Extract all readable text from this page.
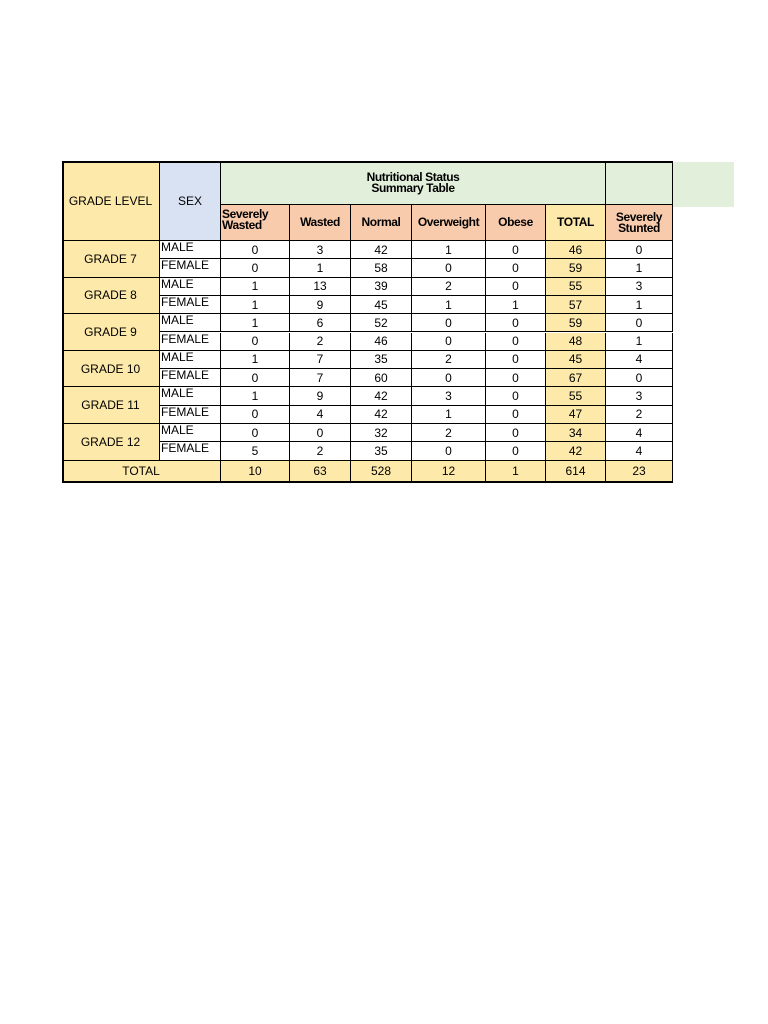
GRADE LEVEL	SEX
Nutritional Status
Summary Table
Severely
Wasted	Wasted	Normal	Overweight	Obese	TOTAL	Severely
Stunted
GRADE 7
MALE	0	3	42	1	0	46	0
FEMALE	0	1	58	0	0	59	1
GRADE 8
MALE	1	13	39	2	0	55	3
FEMALE	1	9	45	1	1	57	1
GRADE 9
MALE	1	6	52	0	0	59	0
FEMALE	0	2	46	0	0	48	1
GRADE 10
MALE	1	7	35	2	0	45	4
FEMALE	0	7	60	0	0	67	0
GRADE 11
MALE	1	9	42	3	0	55	3
FEMALE	0	4	42	1	0	47	2
GRADE 12
MALE	0	0	32	2	0	34	4
FEMALE	5	2	35	0	0	42	4
TOTAL	10	63	528	12	1	614	23
